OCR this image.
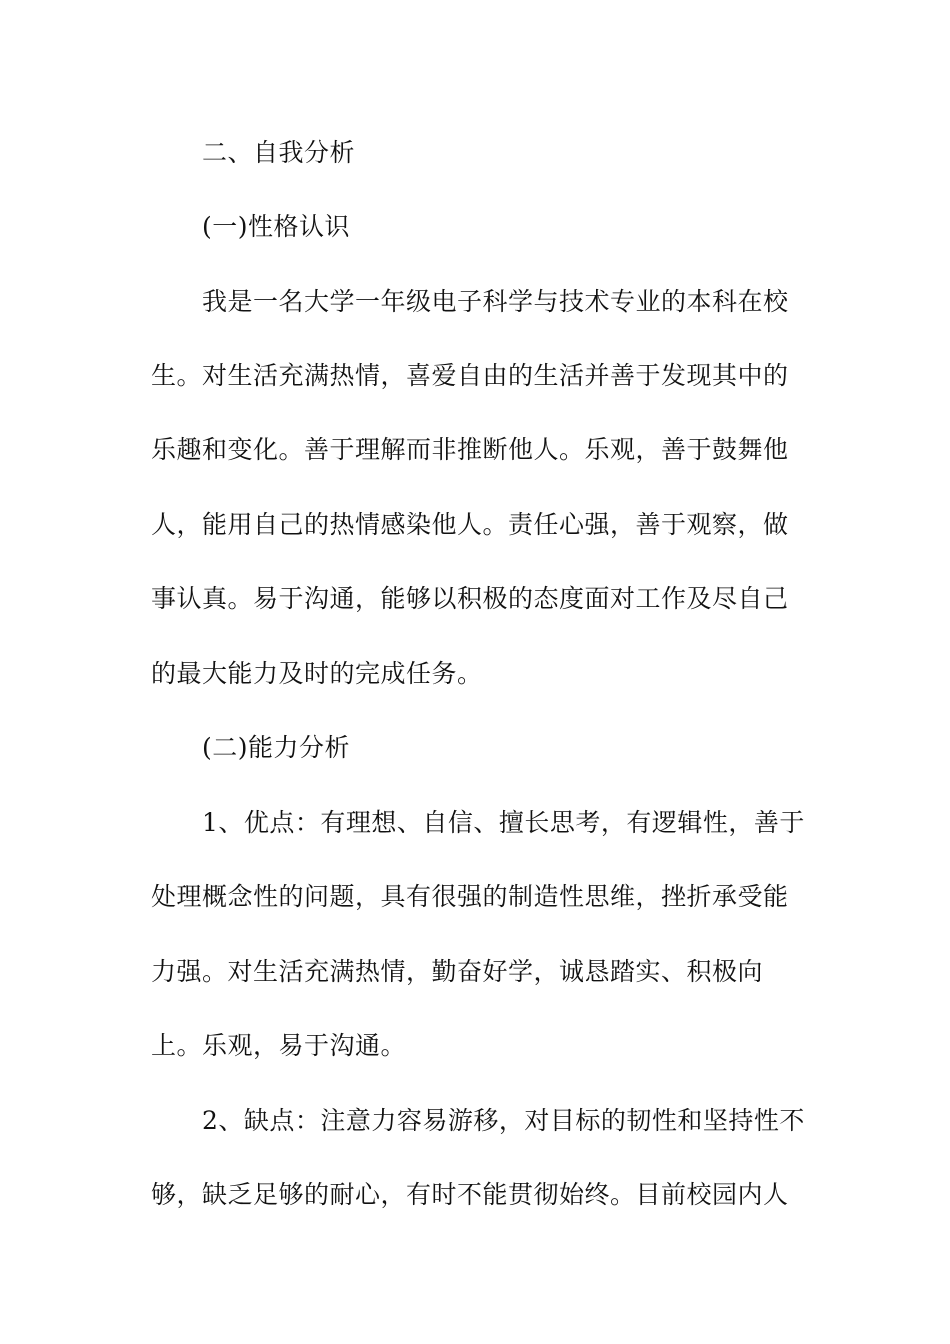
二、自我分析
(一)性格认识
我是一名大学一年级电子科学与技术专业的本科在校
生。对生活充满热情，喜爱自由的生活并善于发现其中的
乐趣和变化。善于理解而非推断他人。乐观，善于鼓舞他
人，能用自己的热情感染他人。责任心强，善于观察，做
事认真。易于沟通，能够以积极的态度面对工作及尽自己
的最大能力及时的完成任务。
(二)能力分析
1、优点：有理想、自信、擅长思考，有逻辑性，善于
处理概念性的问题，具有很强的制造性思维，挫折承受能
力强。对生活充满热情，勤奋好学，诚恳踏实、积极向
上。乐观，易于沟通。
2、缺点：注意力容易游移，对目标的韧性和坚持性不
够，缺乏足够的耐心，有时不能贯彻始终。目前校园内人
